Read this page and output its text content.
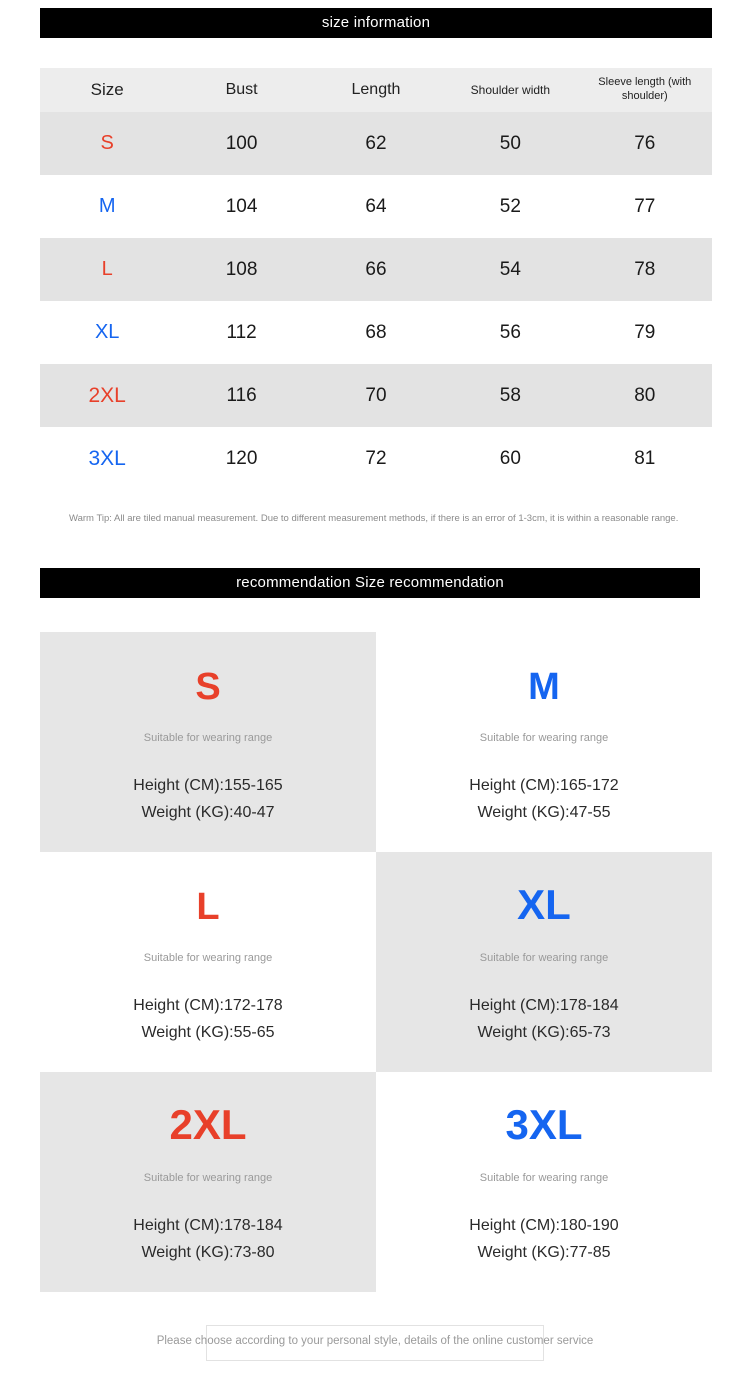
size information
Size	Bust	Length	Shoulder width	Sleeve length (with shoulder)
S	100	62	50	76
M	104	64	52	77
L	108	66	54	78
XL	112	68	56	79
2XL	116	70	58	80
3XL	120	72	60	81
Warm Tip: All are tiled manual measurement. Due to different measurement methods, if there is an error of 1-3cm, it is within a reasonable range.
recommendation Size recommendation
S
Suitable for wearing range
Height (CM):155-165
Weight (KG):40-47
M
Suitable for wearing range
Height (CM):165-172
Weight (KG):47-55
L
Suitable for wearing range
Height (CM):172-178
Weight (KG):55-65
XL
Suitable for wearing range
Height (CM):178-184
Weight (KG):65-73
2XL
Suitable for wearing range
Height (CM):178-184
Weight (KG):73-80
3XL
Suitable for wearing range
Height (CM):180-190
Weight (KG):77-85
Please choose according to your personal style, details of the online customer service
